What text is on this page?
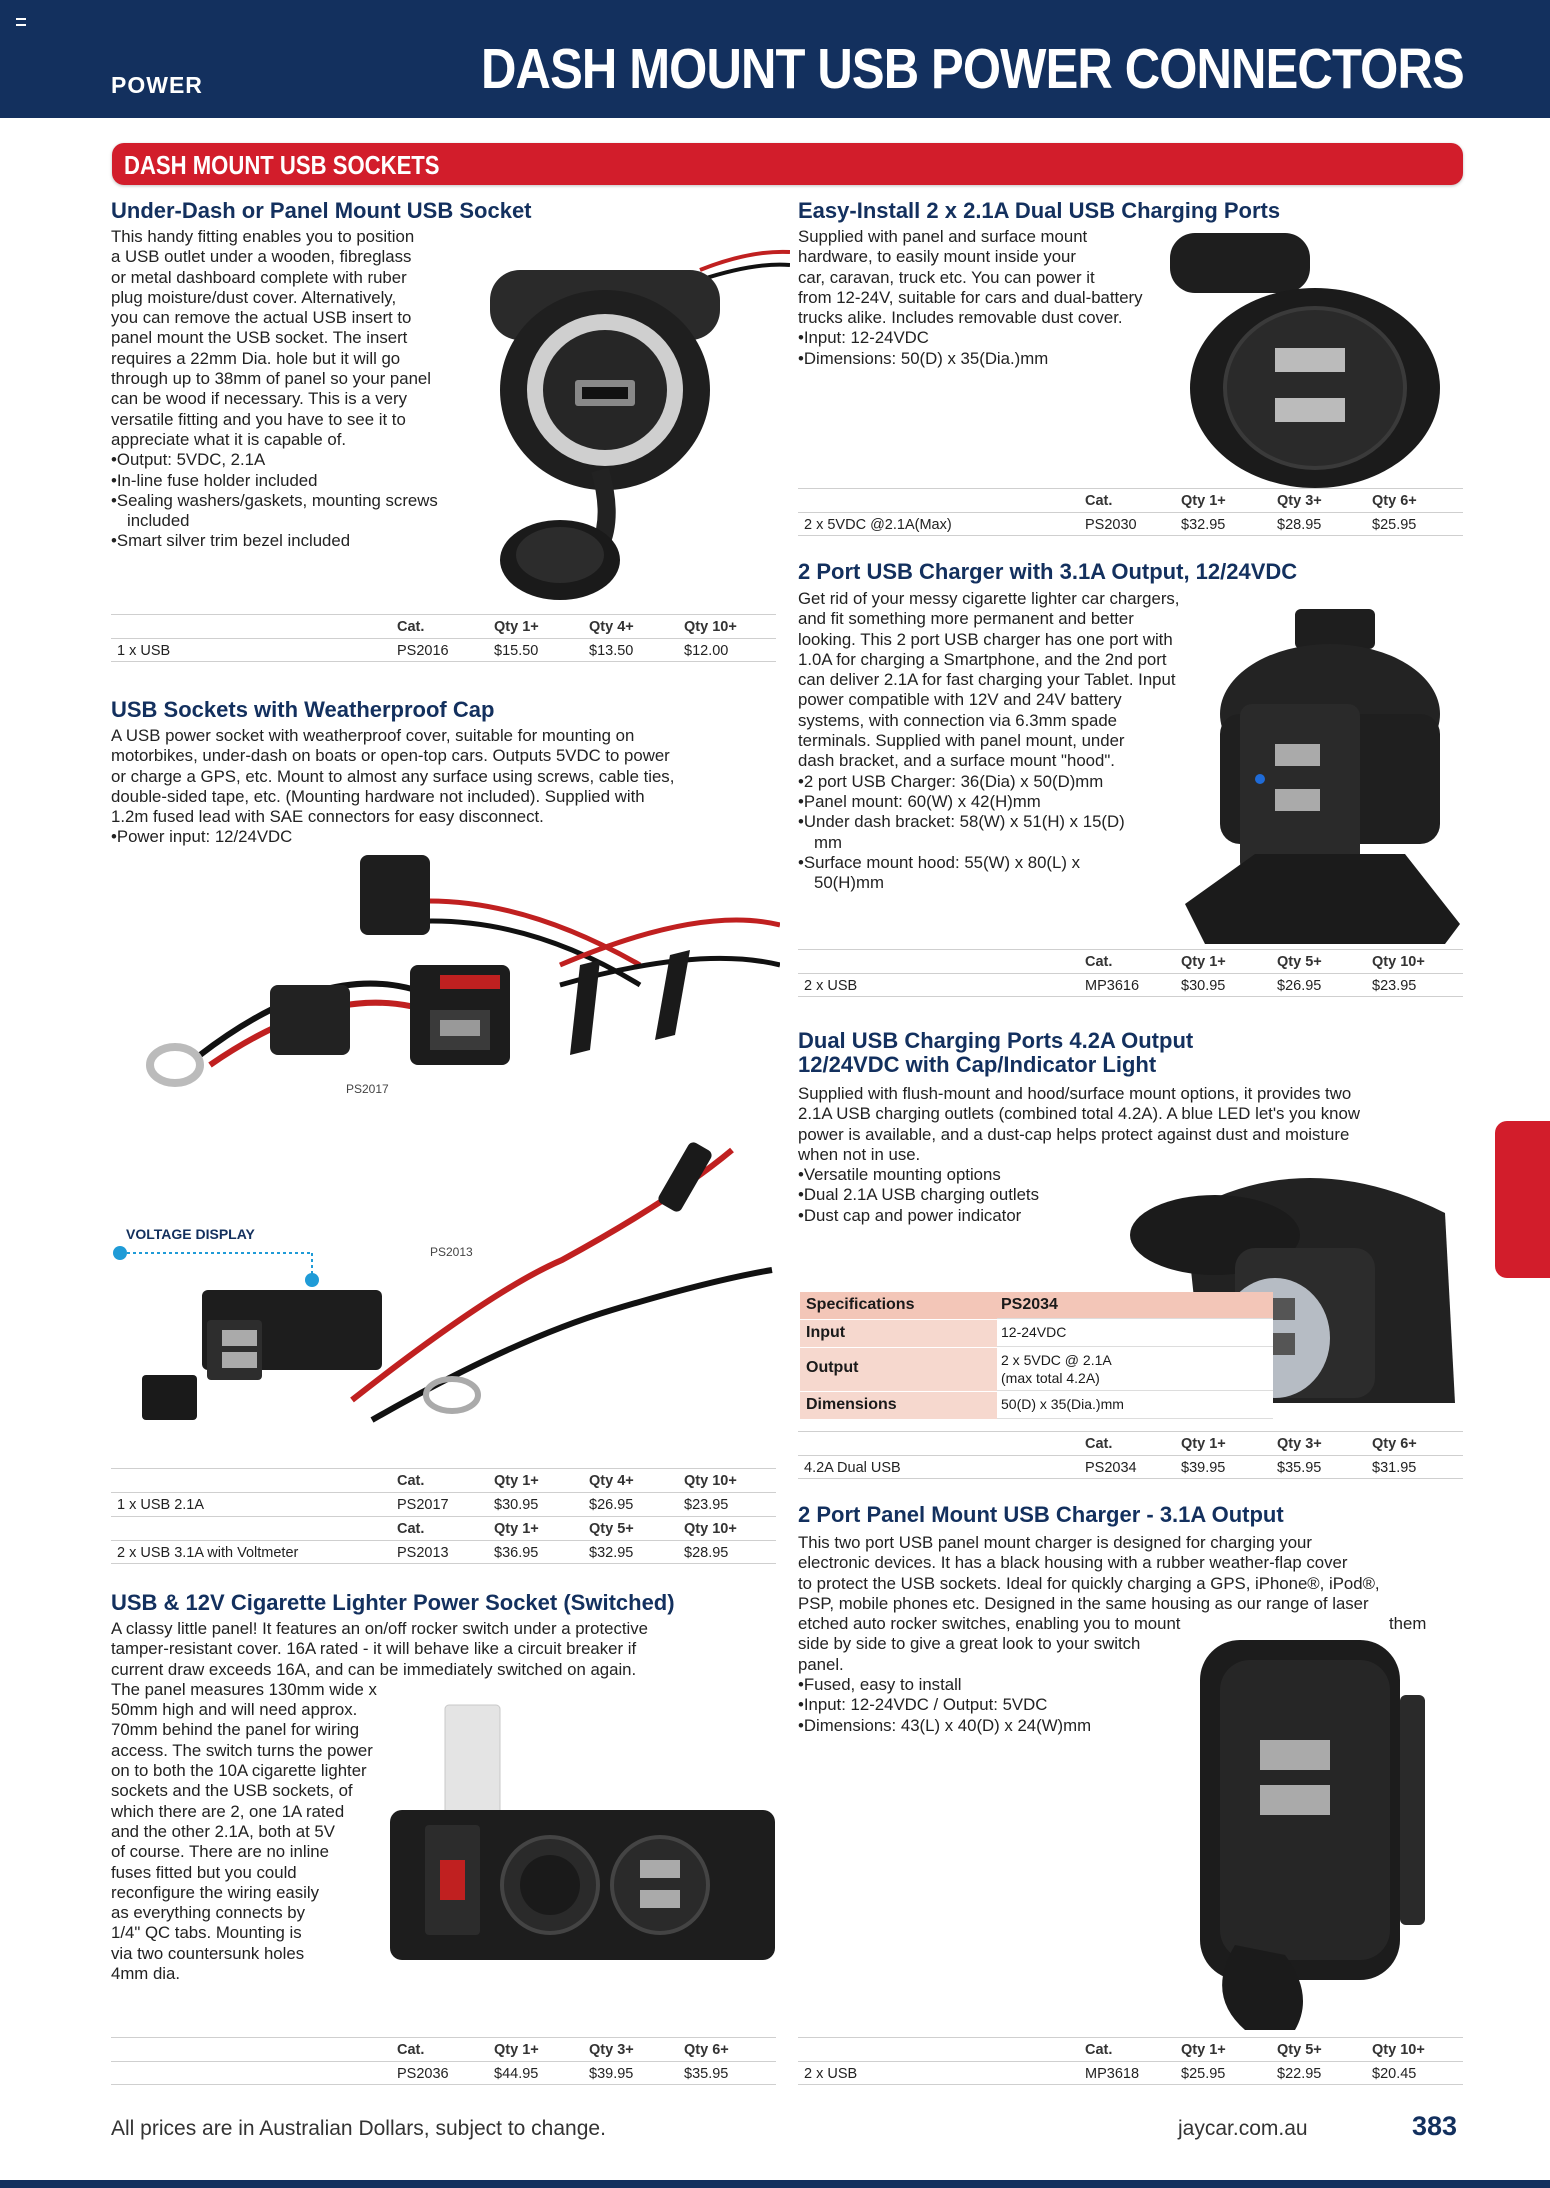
POWER	DASH MOUNT USB POWER CONNECTORS
DASH MOUNT USB SOCKETS
Under-Dash or Panel Mount USB Socket

This handy fitting enables you to position

a USB outlet under a wooden, fibreglass

or metal dashboard complete with ruber

plug moisture/dust cover. Alternatively,

you can remove the actual USB insert to

panel mount the USB socket. The insert

requires a 22mm Dia. hole but it will go

through up to 38mm of panel so your panel

can be wood if necessary. This is a very

versatile fitting and you have to see it to

appreciate what it is capable of.

• Output: 5VDC, 2.1A

• In-line fuse holder included

• Sealing washers/gaskets, mounting screws

included

• Smart silver trim bezel included

Cat.	Qty 1+	Qty 4+	Qty 10+
1 x USB	PS2016	$15.50	$13.50	$12.00
USB Sockets with Weatherproof Cap

A USB power socket with weatherproof cover, suitable for mounting on

motorbikes, under-dash on boats or open-top cars. Outputs 5VDC to power

or charge a GPS, etc. Mount to almost any surface using screws, cable ties,

double-sided tape, etc. (Mounting hardware not included). Supplied with

1.2m fused lead with SAE connectors for easy disconnect.

• Power input: 12/24VDC

PS2017
PS2013
VOLTAGE DISPLAY
Cat.	Qty 1+	Qty 4+	Qty 10+
1 x USB 2.1A	PS2017	$30.95	$26.95	$23.95
Cat.	Qty 1+	Qty 5+	Qty 10+
2 x USB 3.1A with Voltmeter	PS2013	$36.95	$32.95	$28.95
USB & 12V Cigarette Lighter Power Socket (Switched)

A classy little panel! It features an on/off rocker switch under a protective

tamper-resistant cover. 16A rated - it will behave like a circuit breaker if

current draw exceeds 16A, and can be immediately switched on again.

The panel measures 130mm wide x

50mm high and will need approx.

70mm behind the panel for wiring

access. The switch turns the power

on to both the 10A cigarette lighter

sockets and the USB sockets, of

which there are 2, one 1A rated

and the other 2.1A, both at 5V

of course. There are no inline

fuses fitted but you could

reconfigure the wiring easily

as everything connects by

1/4" QC tabs. Mounting is

via two countersunk holes

4mm dia.

Cat.	Qty 1+	Qty 3+	Qty 6+
PS2036	$44.95	$39.95	$35.95
Easy-Install 2 x 2.1A Dual USB Charging Ports

Supplied with panel and surface mount

hardware, to easily mount inside your

car, caravan, truck etc. You can power it

from 12-24V, suitable for cars and dual-battery

trucks alike. Includes removable dust cover.

• Input: 12-24VDC

• Dimensions: 50(D) x 35(Dia.)mm

Cat.	Qty 1+	Qty 3+	Qty 6+
2 x 5VDC @2.1A(Max)	PS2030	$32.95	$28.95	$25.95
2 Port USB Charger with 3.1A Output, 12/24VDC

Get rid of your messy cigarette lighter car chargers,

and fit something more permanent and better

looking. This 2 port USB charger has one port with

1.0A for charging a Smartphone, and the 2nd port

can deliver 2.1A for fast charging your Tablet. Input

power compatible with 12V and 24V battery

systems, with connection via 6.3mm spade

terminals. Supplied with panel mount, under

dash bracket, and a surface mount "hood".

• 2 port USB Charger: 36(Dia) x 50(D)mm

• Panel mount: 60(W) x 42(H)mm

• Under dash bracket: 58(W) x 51(H) x 15(D)

mm

• Surface mount hood: 55(W) x 80(L) x

50(H)mm

Cat.	Qty 1+	Qty 5+	Qty 10+
2 x USB	MP3616	$30.95	$26.95	$23.95
Dual USB Charging Ports 4.2A Output
12/24VDC with Cap/Indicator Light

Supplied with flush-mount and hood/surface mount options, it provides two

2.1A USB charging outlets (combined total 4.2A). A blue LED let's you know

power is available, and a dust-cap helps protect against dust and moisture

when not in use.

• Versatile mounting options

• Dual 2.1A USB charging outlets

• Dust cap and power indicator

Specifications	PS2034
Input	12-24VDC
Output	2 x 5VDC @ 2.1A
(max total 4.2A)
Dimensions	50(D) x 35(Dia.)mm
Cat.	Qty 1+	Qty 3+	Qty 6+
4.2A Dual USB	PS2034	$39.95	$35.95	$31.95
2 Port Panel Mount USB Charger - 3.1A Output

This two port USB panel mount charger is designed for charging your

electronic devices. It has a black housing with a rubber weather-flap cover

to protect the USB sockets. Ideal for quickly charging a GPS, iPhone®, iPod®,

PSP, mobile phones etc. Designed in the same housing as our range of laser

etched auto rocker switches, enabling you to mount

side by side to give a great look to your switch

panel.

• Fused, easy to install

• Input: 12-24VDC / Output: 5VDC

• Dimensions: 43(L) x 40(D) x 24(W)mm

them
Cat.	Qty 1+	Qty 5+	Qty 10+
2 x USB	MP3618	$25.95	$22.95	$20.45
All prices are in Australian Dollars, subject to change.	jaycar.com.au	383
